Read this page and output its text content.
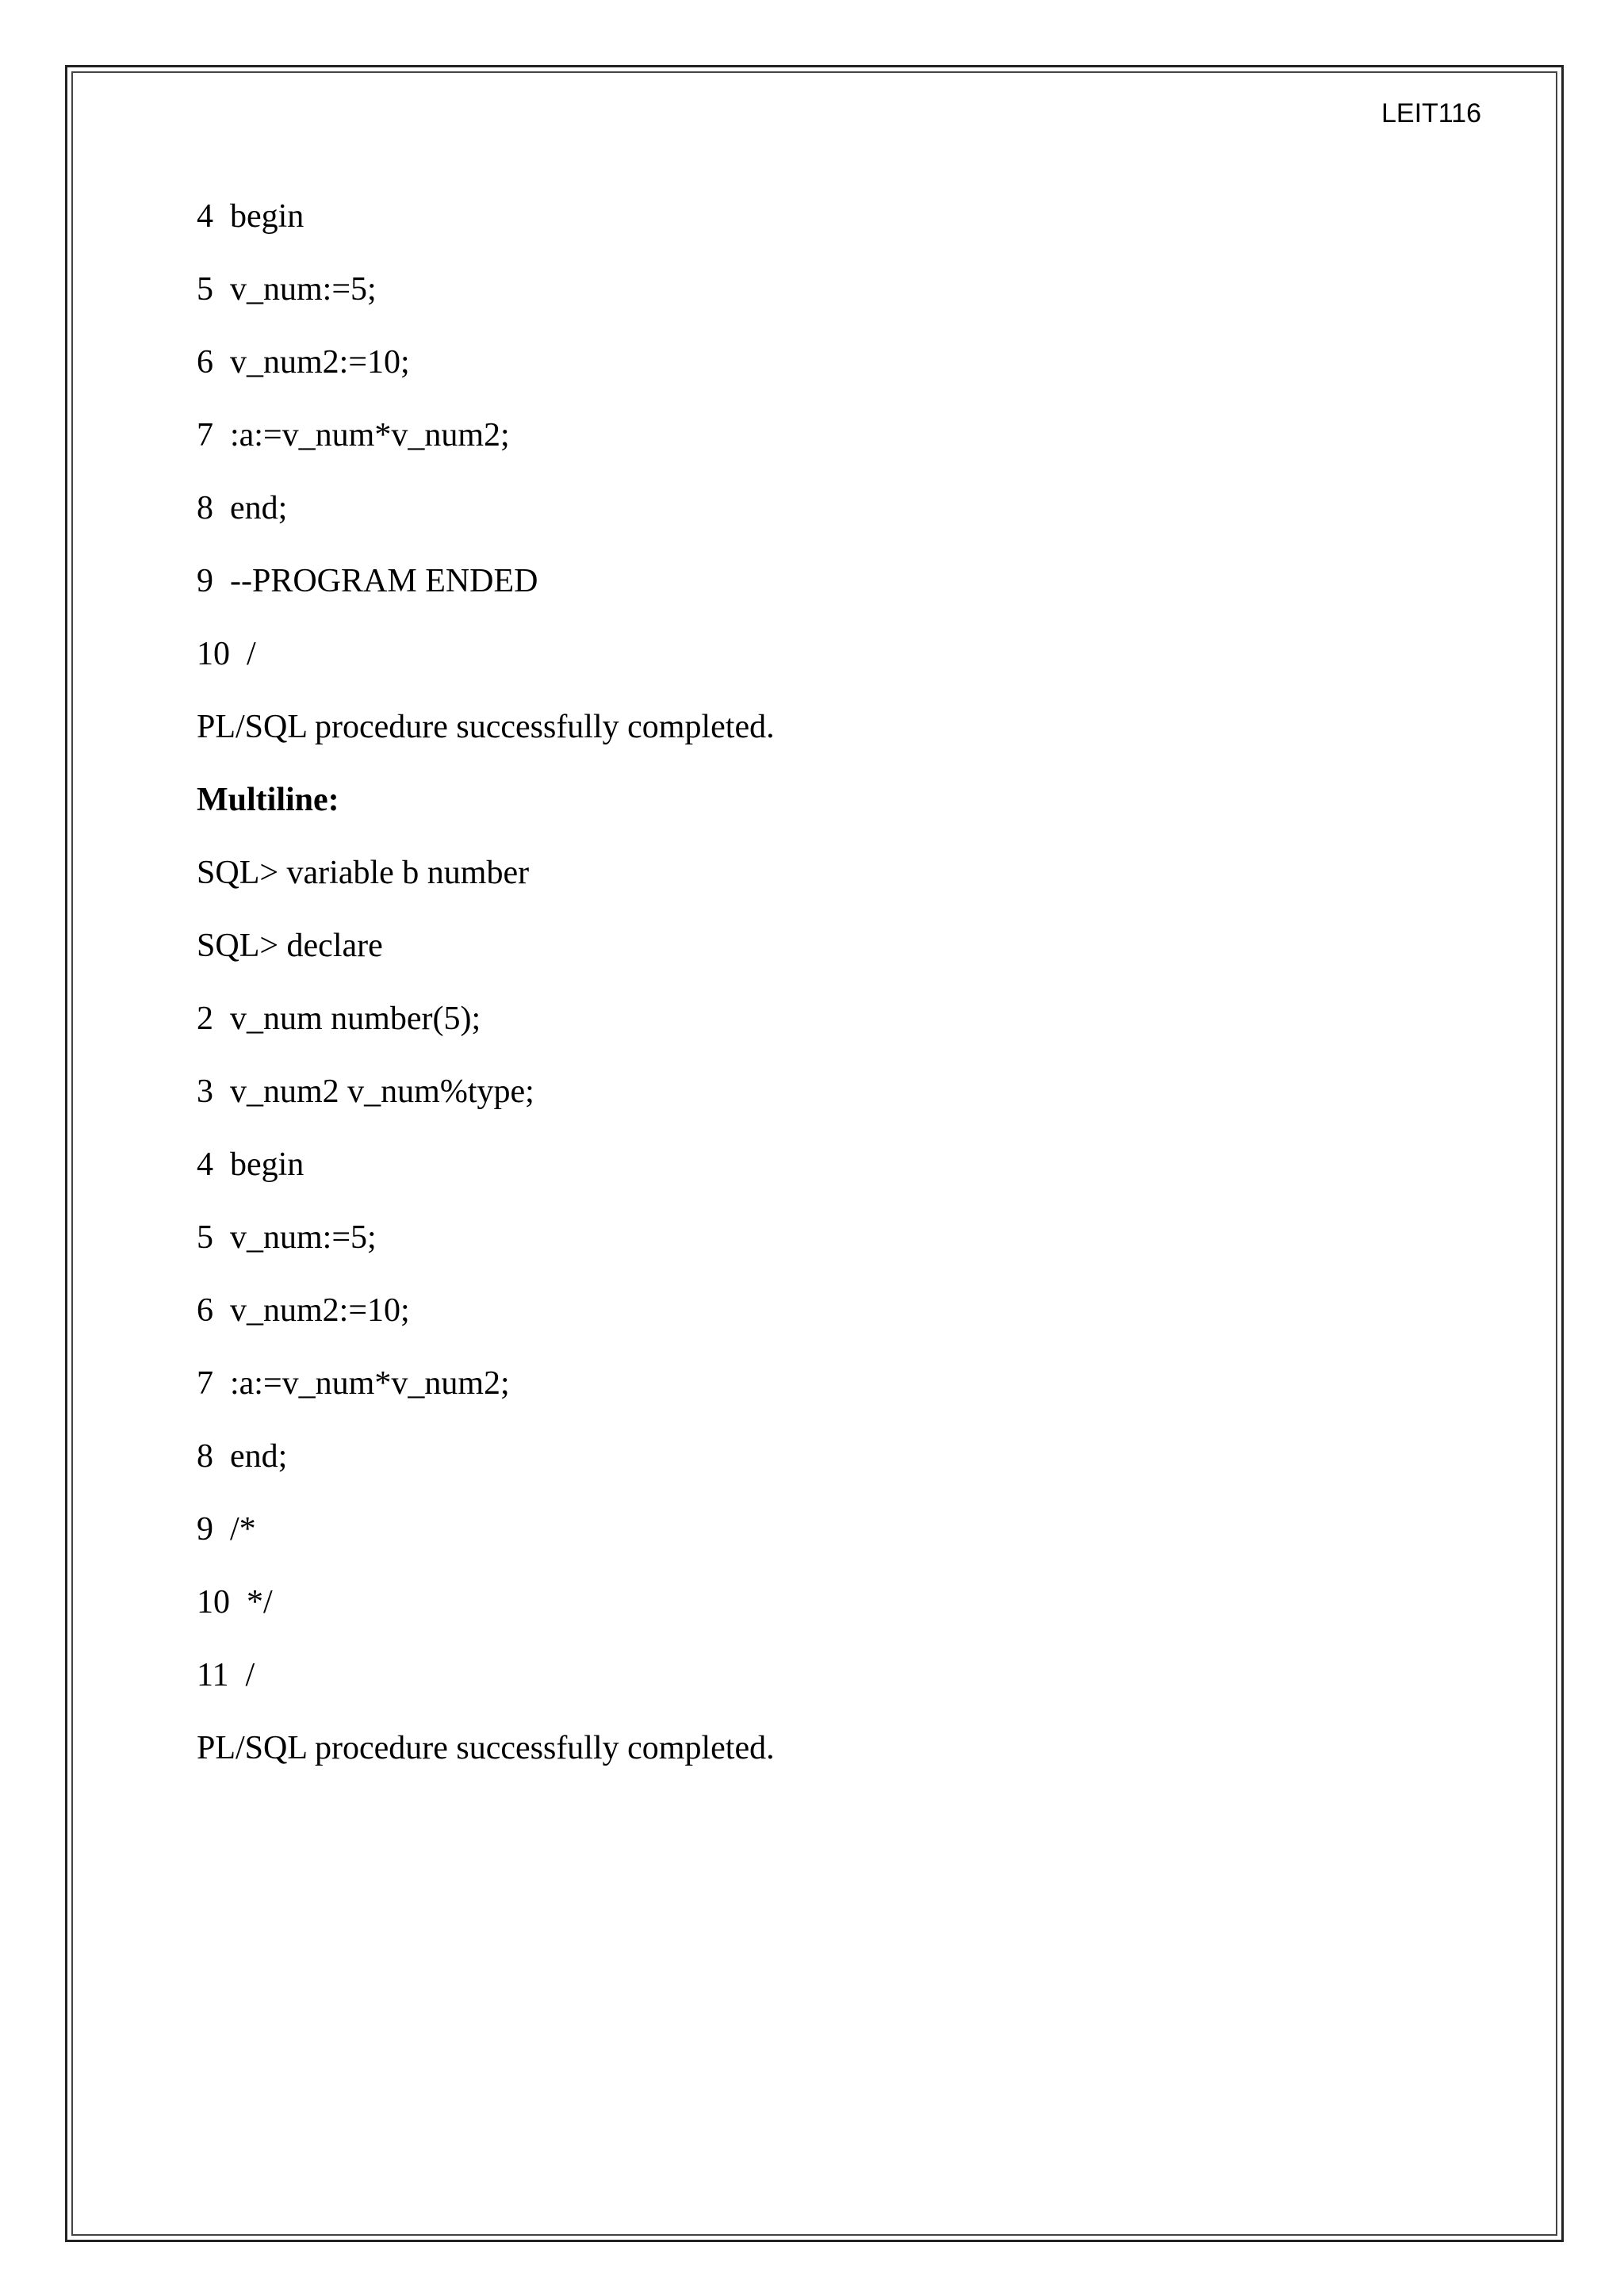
LEIT116
4  begin
5  v_num:=5;
6  v_num2:=10;
7  :a:=v_num*v_num2;
8  end;
9  --PROGRAM ENDED
10  /
PL/SQL procedure successfully completed.
Multiline:
SQL> variable b number
SQL> declare
2  v_num number(5);
3  v_num2 v_num%type;
4  begin
5  v_num:=5;
6  v_num2:=10;
7  :a:=v_num*v_num2;
8  end;
9  /*
10  */
11  /
PL/SQL procedure successfully completed.
